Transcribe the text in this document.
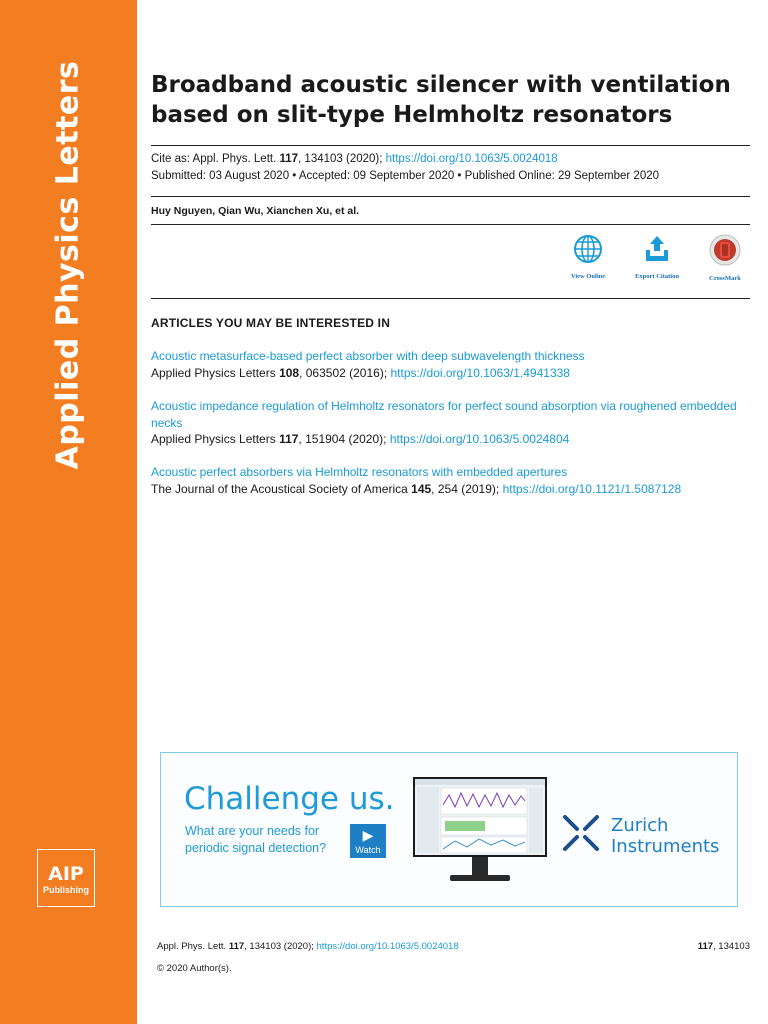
Applied Physics Letters
AIP
Publishing
Broadband acoustic silencer with ventilation based on slit-type Helmholtz resonators
Cite as: Appl. Phys. Lett. 117, 134103 (2020); https://doi.org/10.1063/5.0024018
Submitted: 03 August 2020 • Accepted: 09 September 2020 • Published Online: 29 September 2020
Huy Nguyen, Qian Wu, Xianchen Xu, et al.
View Online	Export Citation	CrossMark
ARTICLES YOU MAY BE INTERESTED IN
Acoustic metasurface-based perfect absorber with deep subwavelength thickness
Applied Physics Letters 108, 063502 (2016); https://doi.org/10.1063/1.4941338
Acoustic impedance regulation of Helmholtz resonators for perfect sound absorption via roughened embedded necks
Applied Physics Letters 117, 151904 (2020); https://doi.org/10.1063/5.0024804
Acoustic perfect absorbers via Helmholtz resonators with embedded apertures
The Journal of the Acoustical Society of America 145, 254 (2019); https://doi.org/10.1121/1.5087128
Challenge us.
What are your needs for periodic signal detection?
▶
Watch
Zurich
Instruments
Appl. Phys. Lett. 117, 134103 (2020); https://doi.org/10.1063/5.0024018	117, 134103
© 2020 Author(s).
